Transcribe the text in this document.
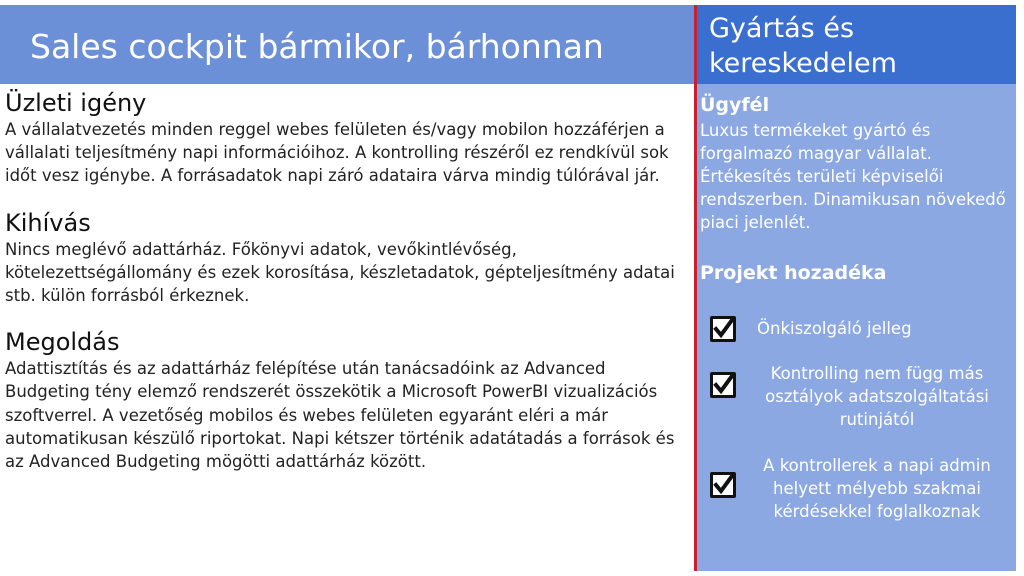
Sales cockpit bármikor, bárhonnan
Üzleti igény

A vállalatvezetés minden reggel webes felületen és/vagy mobilon hozzáférjen a vállalati teljesítmény napi információihoz. A kontrolling részéről ez rendkívül sok időt vesz igénybe. A forrásadatok napi záró adataira várva mindig túlórával jár.

Kihívás

Nincs meglévő adattárház. Főkönyvi adatok, vevőkintlévőség, kötelezettségállomány és ezek korosítása, készletadatok, gépteljesítmény adatai stb. külön forrásból érkeznek.

Megoldás

Adattisztítás és az adattárház felépítése után tanácsadóink az Advanced Budgeting tény elemző rendszerét összekötik a Microsoft PowerBI vizualizációs szoftverrel. A vezetőség mobilos és webes felületen egyaránt eléri a már automatikusan készülő riportokat. Napi kétszer történik adatátadás a források és az Advanced Budgeting mögötti adattárház között.

Gyártás és kereskedelem
Ügyfél

Luxus termékeket gyártó és forgalmazó magyar vállalat. Értékesítés területi képviselői rendszerben. Dinamikusan növekedő piaci jelenlét.

Projekt hozadéka
Önkiszolgáló jelleg
Kontrolling nem függ más osztályok adatszolgáltatási rutinjától
A kontrollerek a napi admin helyett mélyebb szakmai kérdésekkel foglalkoznak
